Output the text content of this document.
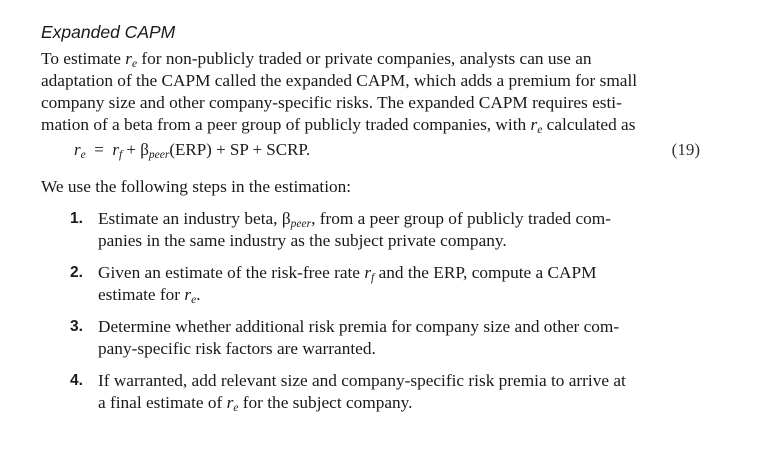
Expanded CAPM
To estimate $r_e$ for non-publicly traded or private companies, analysts can use an
adaptation of the CAPM called the expanded CAPM, which adds a premium for small
company size and other company-specific risks. The expanded CAPM requires esti-
mation of a beta from a peer group of publicly traded companies, with $r_e$ calculated as
$r_e = r_f + \beta_{peer}(ERP)$ + SP + SCRP.	(19)
We use the following steps in the estimation:
1. Estimate an industry beta, $\beta_{peer}$, from a peer group of publicly traded com-
panies in the same industry as the subject private company.
2. Given an estimate of the risk-free rate $r_f$ and the ERP, compute a CAPM
estimate for $r_e$.
3. Determine whether additional risk premia for company size and other com-
pany-specific risk factors are warranted.
4. If warranted, add relevant size and company-specific risk premia to arrive at
a final estimate of $r_e$ for the subject company.
